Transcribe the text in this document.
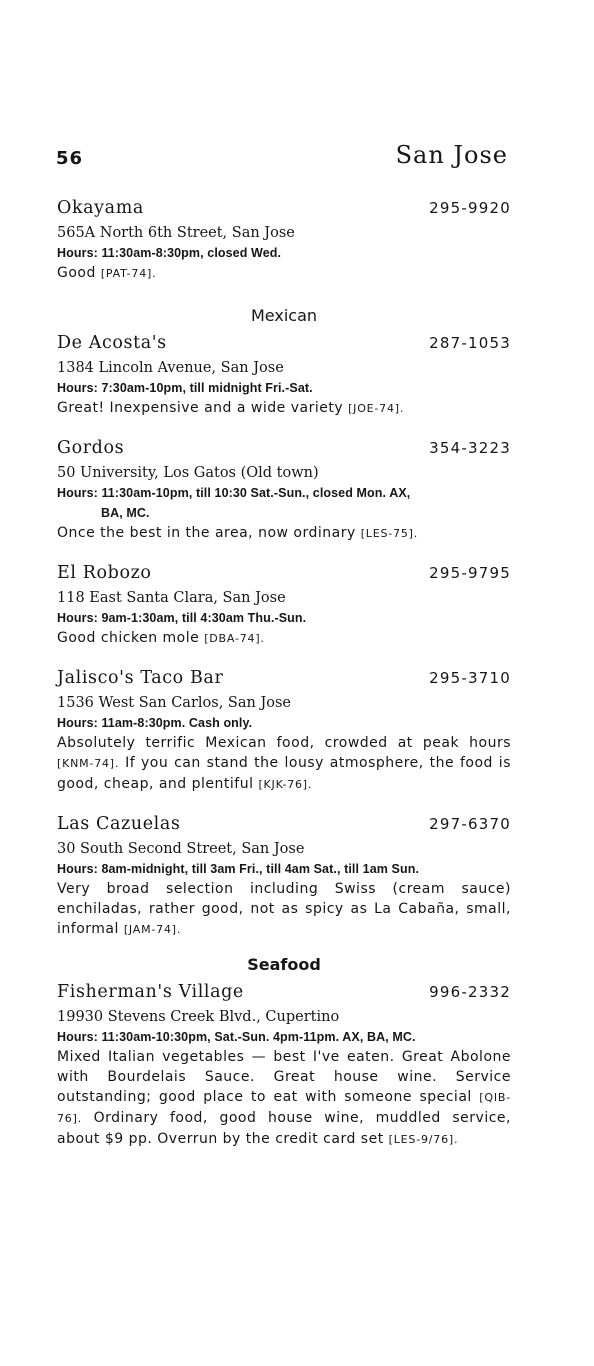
56	San Jose
Okayama	295-9920
565A North 6th Street, San Jose
Hours: 11:30am-8:30pm, closed Wed.
Good [PAT-74].
Mexican
De Acosta's	287-1053
1384 Lincoln Avenue, San Jose
Hours: 7:30am-10pm, till midnight Fri.-Sat.
Great! Inexpensive and a wide variety [JOE-74].
Gordos	354-3223
50 University, Los Gatos (Old town)
Hours: 11:30am-10pm, till 10:30 Sat.-Sun., closed Mon. AX,
BA, MC.
Once the best in the area, now ordinary [LES-75].
El Robozo	295-9795
118 East Santa Clara, San Jose
Hours: 9am-1:30am, till 4:30am Thu.-Sun.
Good chicken mole [DBA-74].
Jalisco's Taco Bar	295-3710
1536 West San Carlos, San Jose
Hours: 11am-8:30pm. Cash only.
Absolutely terrific Mexican food, crowded at peak hours [KNM-74]. If you can stand the lousy atmosphere, the food is good, cheap, and plentiful [KJK-76].
Las Cazuelas	297-6370
30 South Second Street, San Jose
Hours: 8am-midnight, till 3am Fri., till 4am Sat., till 1am Sun.
Very broad selection including Swiss (cream sauce) enchiladas, rather good, not as spicy as La Cabaña, small, informal [JAM-74].
Seafood
Fisherman's Village	996-2332
19930 Stevens Creek Blvd., Cupertino
Hours: 11:30am-10:30pm, Sat.-Sun. 4pm-11pm. AX, BA, MC.
Mixed Italian vegetables — best I've eaten. Great Abolone with Bourdelais Sauce. Great house wine. Service outstanding; good place to eat with someone special [QIB-76]. Ordinary food, good house wine, muddled service, about $9 pp. Overrun by the credit card set [LES-9/76].
